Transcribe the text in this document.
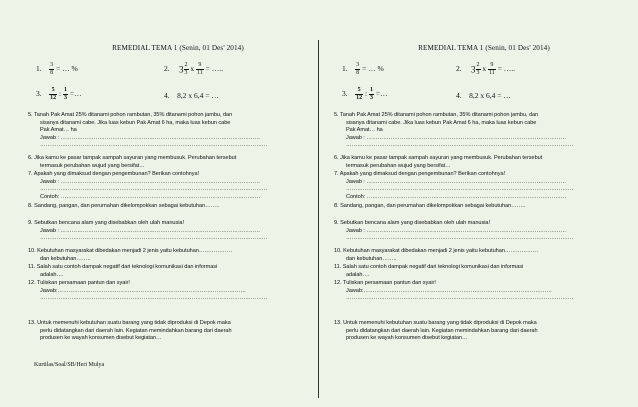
REMEDIAL TEMA 1 (Senin, 01 Des' 2014)
1. $\frac{3}{8}$ = … %	2. $3 \frac{2}{3}$ x $\frac{9}{11}$ = …..
3. $\frac{5}{12}$ : $\frac{1}{3}$ =…	4. 8,2 x 6,4 = …
5. Tanah Pak Amat 25% ditanami pohon rambutan, 35% ditanami pohon jambu, dan

sisanya ditanami cabe. Jika luas kebun Pak Amat 6 ha, maka luas kebun cabe
Pak Amat… ha
Jawab : ………………………………………………………………………………………………
……………………………………………………………………………………………………………
6. Jika kamu ke pasar tampak sampah sayuran yang membusuk. Perubahan tersebut

termasuk perubahan wujud yang bersifat…
7. Apakah yang dimaksud dengan pengembunan? Berikan contohnya!

Jawab : ………………………………………………………………………………………………
……………………………………………………………………………………………………………
Contoh: ………………………………………………………………………………………………
8. Sandang, pangan, dan perumahan dikelompokkan sebagai kebutuhan……..
9. Sebutkan bencana alam yang disebabkan oleh ulah manusia!

Jawab : ………………………………………………………………………………………………
……………………………………………………………………………………………………………
10. Kebutuhan masyarakat dibedakan menjadi 2 jenis yaitu kebutuhan………………

dan kebutuhan……..
11. Salah satu contoh dampak negatif dari teknologi komunikasi dan informasi

adalah….
12. Tuliskan persamaan pantun dan syair!

Jawab:…………………………………………………………………………………………
……………………………………………………………………………………………………………
13. Untuk memenuhi kebutuhan suatu barang yang tidak diproduksi di Depok maka

perlu didatangkan dari daerah lain. Kegiatan memindahkan barang dari daerah
produsen ke wayah konsumen disebut kegiatan…
Kurtilas/Soal/SB/Heri Mulya
REMEDIAL TEMA 1 (Senin, 01 Des' 2014)
1. $\frac{3}{8}$ = … %	2. $3 \frac{2}{3}$ x $\frac{9}{11}$ = …..
3. $\frac{5}{12}$ : $\frac{1}{3}$ =…	4. 8,2 x 6,4 = …
5. Tanah Pak Amat 25% ditanami pohon rambutan, 35% ditanami pohon jambu, dan

sisanya ditanami cabe. Jika luas kebun Pak Amat 6 ha, maka luas kebun cabe
Pak Amat… ha
Jawab : ………………………………………………………………………………………………
……………………………………………………………………………………………………………
6. Jika kamu ke pasar tampak sampah sayuran yang membusuk. Perubahan tersebut

termasuk perubahan wujud yang bersifat…
7. Apakah yang dimaksud dengan pengembunan? Berikan contohnya!

Jawab : ………………………………………………………………………………………………
……………………………………………………………………………………………………………
Contoh: ………………………………………………………………………………………………
8. Sandang, pangan, dan perumahan dikelompokkan sebagai kebutuhan……..
9. Sebutkan bencana alam yang disebabkan oleh ulah manusia!

Jawab : ………………………………………………………………………………………………
……………………………………………………………………………………………………………
10. Kebutuhan masyarakat dibedakan menjadi 2 jenis yaitu kebutuhan………………

dan kebutuhan……..
11. Salah satu contoh dampak negatif dari teknologi komunikasi dan informasi

adalah….
12. Tuliskan persamaan pantun dan syair!

Jawab:…………………………………………………………………………………………
……………………………………………………………………………………………………………
13. Untuk memenuhi kebutuhan suatu barang yang tidak diproduksi di Depok maka

perlu didatangkan dari daerah lain. Kegiatan memindahkan barang dari daerah
produsen ke wayah konsumen disebut kegiatan…
